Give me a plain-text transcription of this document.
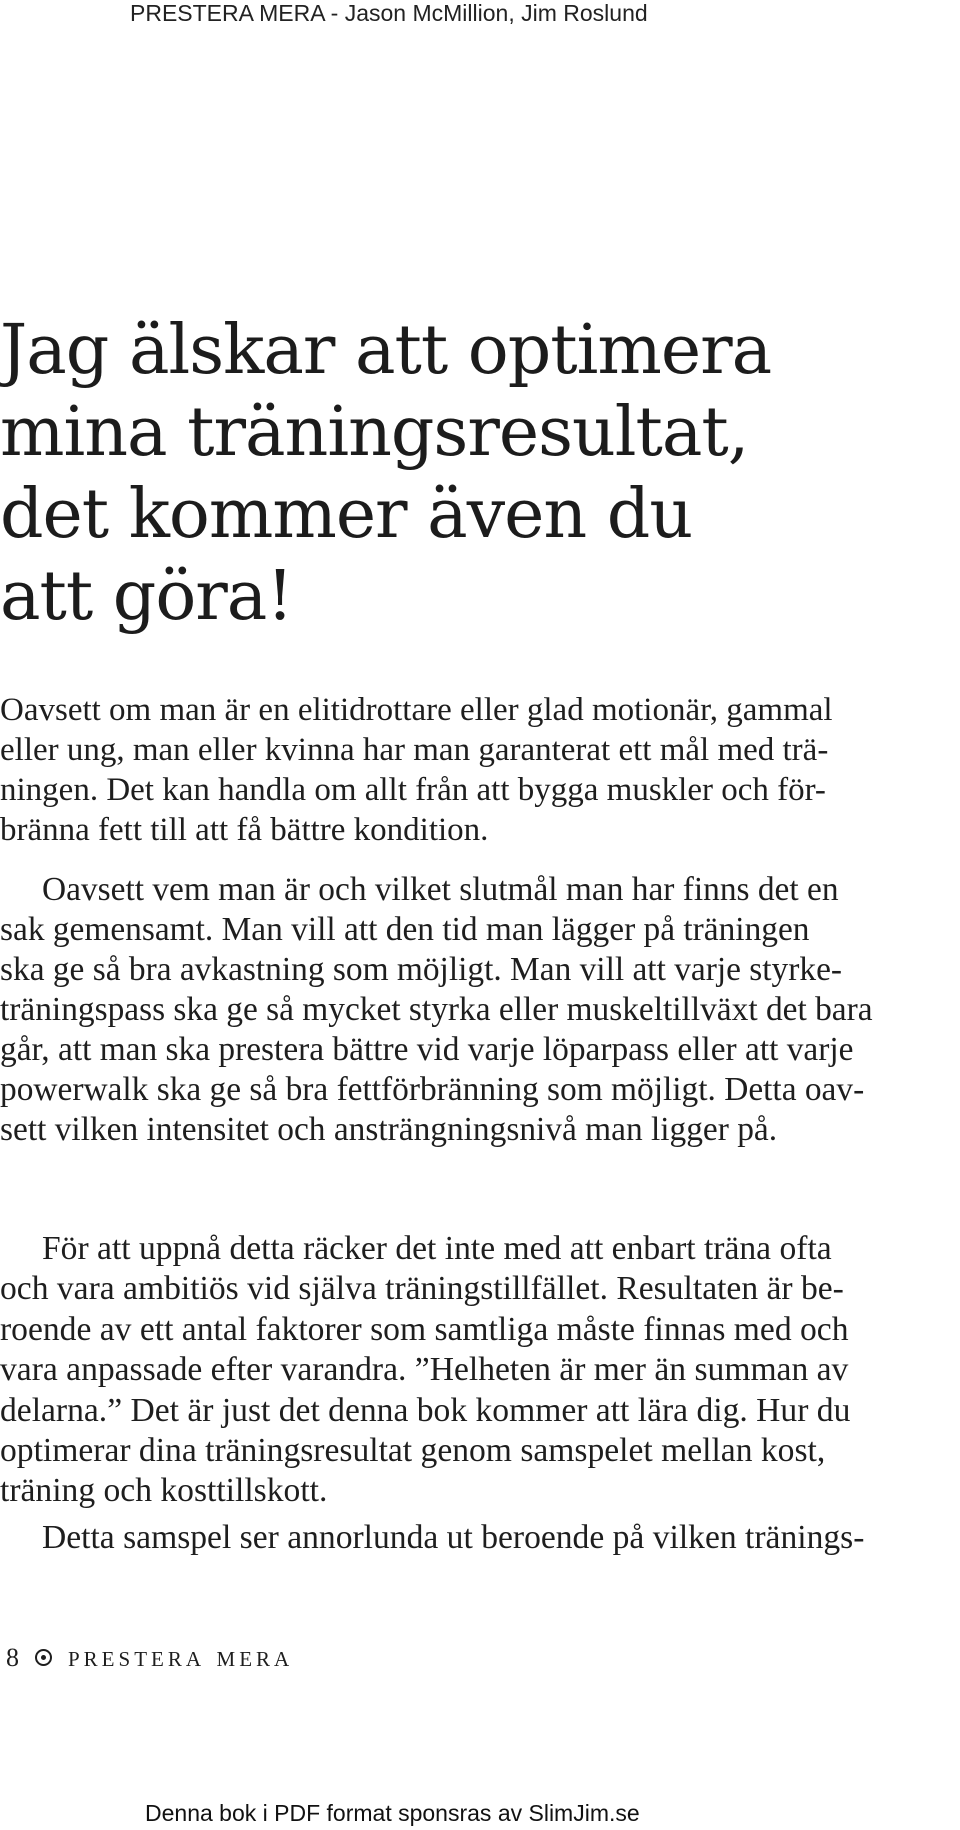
PRESTERA MERA - Jason McMillion, Jim Roslund
Jag älskar att optimera
mina träningsresultat,
det kommer även du
att göra!
Oavsett om man är en elitidrottare eller glad motionär, gammal
eller ung, man eller kvinna har man garanterat ett mål med trä-
ningen. Det kan handla om allt från att bygga muskler och för-
bränna fett till att få bättre kondition.
Oavsett vem man är och vilket slutmål man har finns det en
sak gemensamt. Man vill att den tid man lägger på träningen
ska ge så bra avkastning som möjligt. Man vill att varje styrke-
träningspass ska ge så mycket styrka eller muskeltillväxt det bara
går, att man ska prestera bättre vid varje löparpass eller att varje
powerwalk ska ge så bra fettförbränning som möjligt. Detta oav-
sett vilken intensitet och ansträngningsnivå man ligger på.
För att uppnå detta räcker det inte med att enbart träna ofta
och vara ambitiös vid själva träningstillfället. Resultaten är be-
roende av ett antal faktorer som samtliga måste finnas med och
vara anpassade efter varandra. ”Helheten är mer än summan av
delarna.” Det är just det denna bok kommer att lära dig. Hur du
optimerar dina träningsresultat genom samspelet mellan kost,
träning och kosttillskott.
Detta samspel ser annorlunda ut beroende på vilken tränings-
8 prestera mera
Denna bok i PDF format sponsras av SlimJim.se
